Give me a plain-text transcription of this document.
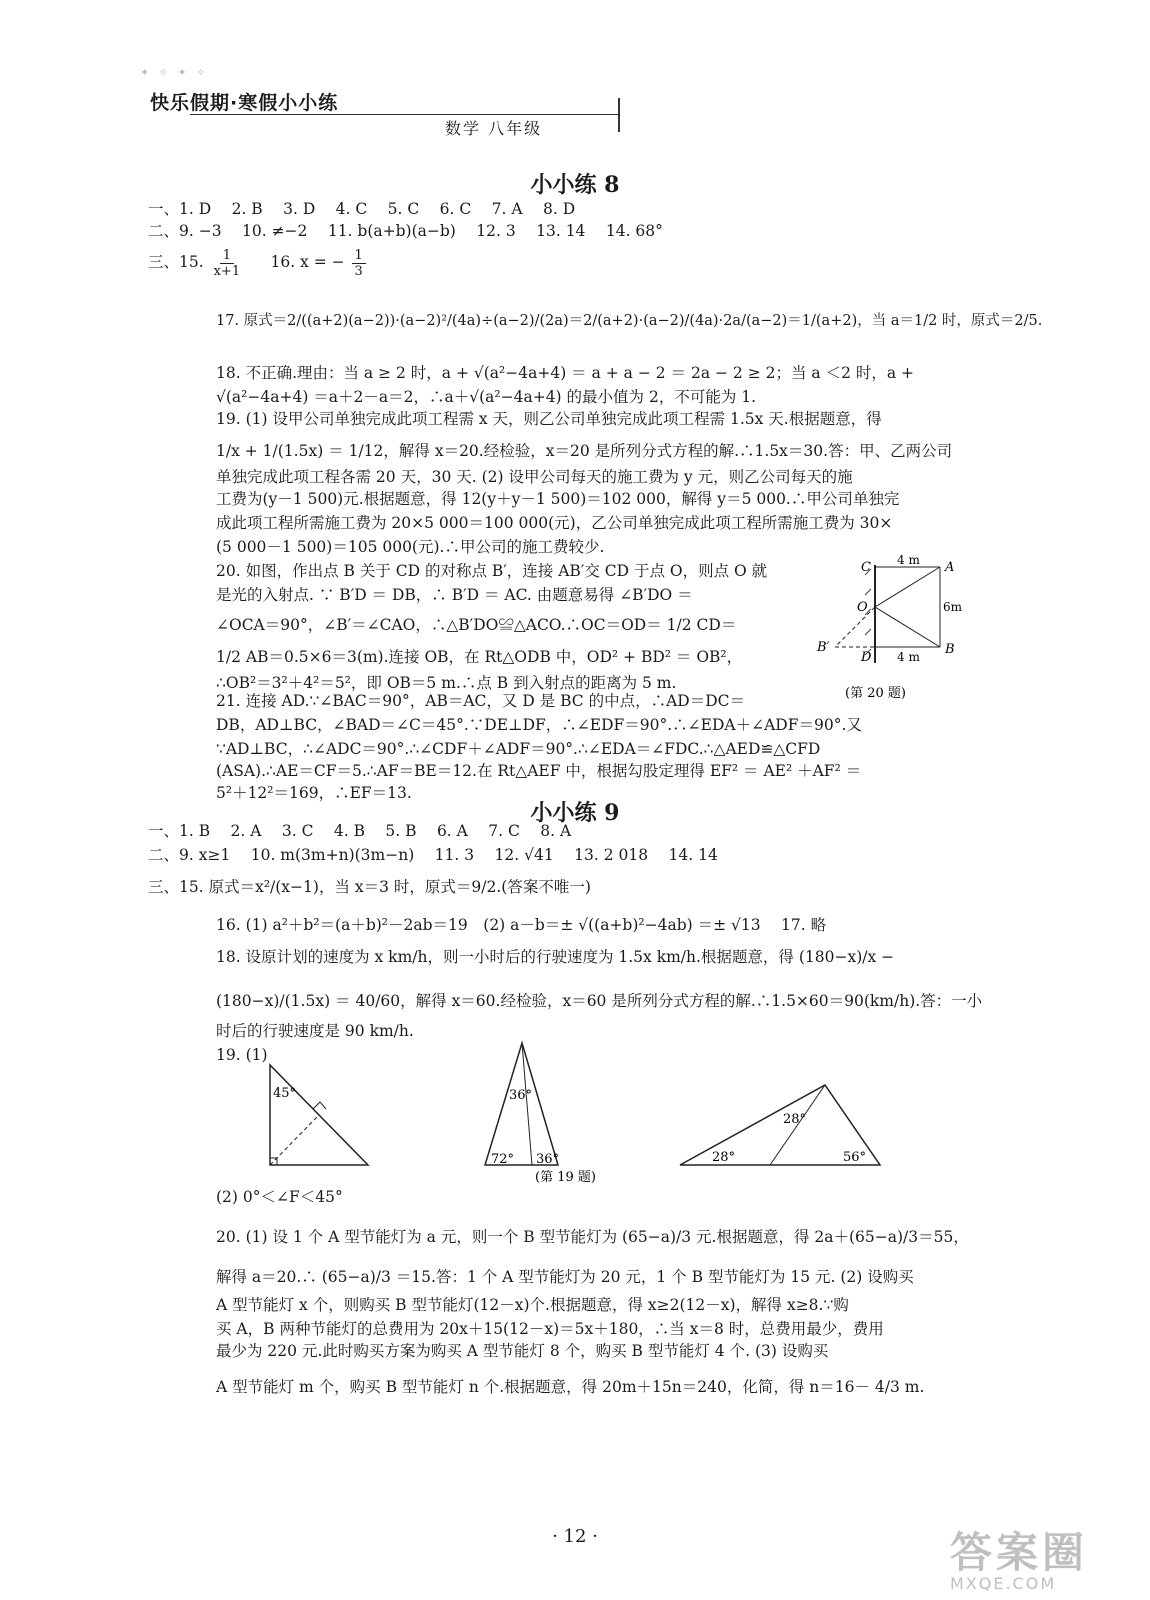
✦ ✧ ✦ ✧
快乐假期·寒假小小练
数学 八年级
小小练 8
一、1. D　 2. B　 3. D　 4. C　 5. C　 6. C　 7. A　 8. D
二、9. −3　 10. ≠−2　 11. b(a+b)(a−b)　 12. 3　 13. 14　 14. 68°
三、15. $\frac{1}{x+1}$ 　 16. x = − $\frac{1}{3}$
17. 原式＝2/((a+2)(a−2))·(a−2)²/(4a)÷(a−2)/(2a)＝2/(a+2)·(a−2)/(4a)·2a/(a−2)＝1/(a+2)，当 a＝1/2 时，原式＝2/5.
18. 不正确.理由：当 a ≥ 2 时，a + √(a²−4a+4) ＝ a + a − 2 ＝ 2a − 2 ≥ 2；当 a ＜2 时，a +
√(a²−4a+4) ＝a＋2－a＝2，∴a＋√(a²−4a+4) 的最小值为 2，不可能为 1.
19. (1) 设甲公司单独完成此项工程需 x 天，则乙公司单独完成此项工程需 1.5x 天.根据题意，得
1/x + 1/(1.5x) ＝ 1/12，解得 x＝20.经检验，x＝20 是所列分式方程的解.∴1.5x＝30.答：甲、乙两公司
单独完成此项工程各需 20 天，30 天. (2) 设甲公司每天的施工费为 y 元，则乙公司每天的施
工费为(y－1 500)元.根据题意，得 12(y＋y－1 500)＝102 000，解得 y＝5 000.∴甲公司单独完
成此项工程所需施工费为 20×5 000＝100 000(元)，乙公司单独完成此项工程所需施工费为 30×
(5 000－1 500)＝105 000(元).∴甲公司的施工费较少.
20. 如图，作出点 B 关于 CD 的对称点 B′，连接 AB′交 CD 于点 O，则点 O 就
是光的入射点. ∵ B′D ＝ DB，∴ B′D ＝ AC. 由题意易得 ∠B′DO ＝
∠OCA＝90°，∠B′＝∠CAO，∴△B′DO≌△ACO.∴OC＝OD＝ 1/2 CD＝
1/2 AB＝0.5×6＝3(m).连接 OB，在 Rt△ODB 中，OD² + BD² ＝ OB²，
∴OB²＝3²＋4²＝5²，即 OB＝5 m.∴点 B 到入射点的距离为 5 m.
C	A
O
B′
D
B
4 m
6m
4 m
(第 20 题)
21. 连接 AD.∵∠BAC＝90°，AB＝AC，又 D 是 BC 的中点，∴AD＝DC＝
DB，AD⊥BC，∠BAD＝∠C＝45°.∵DE⊥DF，∴∠EDF＝90°.∴∠EDA＋∠ADF＝90°.又
∵AD⊥BC，∴∠ADC＝90°.∴∠CDF＋∠ADF＝90°.∴∠EDA＝∠FDC.∴△AED≌△CFD
(ASA).∴AE＝CF＝5.∴AF＝BE＝12.在 Rt△AEF 中，根据勾股定理得 EF² ＝ AE² ＋AF² ＝
5²＋12²＝169，∴EF＝13.
小小练 9
一、1. B　 2. A　 3. C　 4. B　 5. B　 6. A　 7. C　 8. A
二、9. x≥1　 10. m(3m+n)(3m−n)　 11. 3　 12. √41　 13. 2 018　 14. 14
三、15. 原式＝x²/(x−1)，当 x＝3 时，原式＝9/2.(答案不唯一)
16. (1) a²＋b²＝(a＋b)²－2ab＝19　(2) a－b＝± √((a+b)²−4ab) ＝± √13　 17. 略
18. 设原计划的速度为 x km/h，则一小时后的行驶速度为 1.5x km/h.根据题意，得 (180−x)/x −
(180−x)/(1.5x) ＝ 40/60，解得 x＝60.经检验，x＝60 是所列分式方程的解.∴1.5×60＝90(km/h).答：一小
时后的行驶速度是 90 km/h.
19. (1)
45°	36°
72° 36°
(第 19 题)
28°
28°
56°
(2) 0°＜∠F＜45°
20. (1) 设 1 个 A 型节能灯为 a 元，则一个 B 型节能灯为 (65−a)/3 元.根据题意，得 2a＋(65−a)/3＝55，
解得 a＝20.∴ (65−a)/3 ＝15.答：1 个 A 型节能灯为 20 元，1 个 B 型节能灯为 15 元. (2) 设购买
A 型节能灯 x 个，则购买 B 型节能灯(12－x)个.根据题意，得 x≥2(12－x)，解得 x≥8.∵购
买 A，B 两种节能灯的总费用为 20x＋15(12－x)＝5x＋180，∴当 x＝8 时，总费用最少，费用
最少为 220 元.此时购买方案为购买 A 型节能灯 8 个，购买 B 型节能灯 4 个. (3) 设购买
A 型节能灯 m 个，购买 B 型节能灯 n 个.根据题意，得 20m＋15n＝240，化简，得 n＝16－ 4/3 m.
· 12 ·	答案圈
MXQE.COM
